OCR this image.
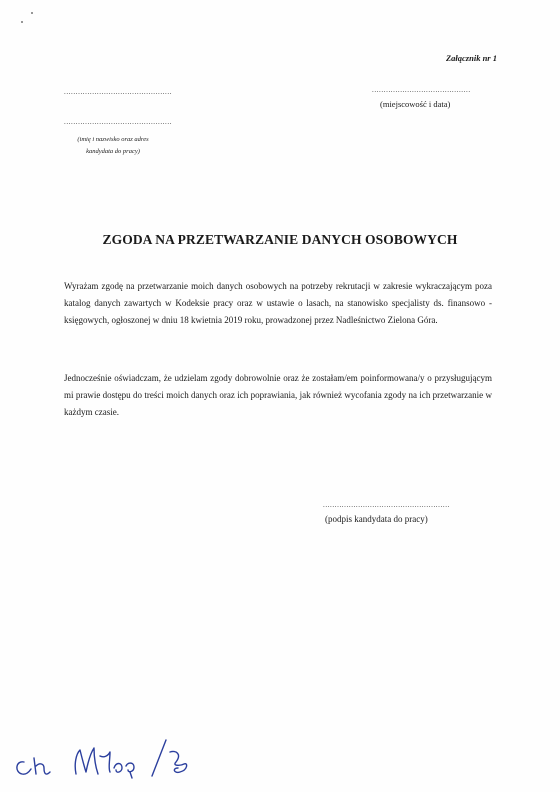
Załącznik nr 1
..............................................
..............................................
..........................................
(miejscowość i data)
(imię i nazwisko oraz adres kandydata do pracy)
ZGODA NA PRZETWARZANIE DANYCH OSOBOWYCH
Wyrażam zgodę na przetwarzanie moich danych osobowych na potrzeby rekrutacji w zakresie wykraczającym poza katalog danych zawartych w Kodeksie pracy oraz w ustawie o lasach, na stanowisko specjalisty ds. finansowo - księgowych, ogłoszonej w dniu 18 kwietnia 2019 roku, prowadzonej przez Nadleśnictwo Zielona Góra.
Jednocześnie oświadczam, że udzielam zgody dobrowolnie oraz że zostałam/em poinformowana/y o przysługującym mi prawie dostępu do treści moich danych oraz ich poprawiania, jak również wycofania zgody na ich przetwarzanie w każdym czasie.
......................................................
(podpis kandydata do pracy)
